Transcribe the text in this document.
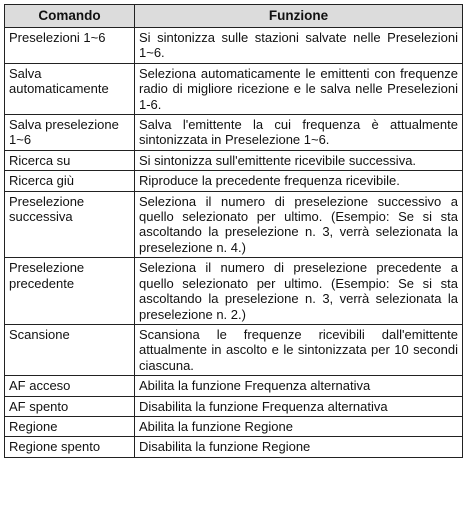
Comando	Funzione
Preselezioni 1~6	Si sintonizza sulle stazioni salvate nelle Preselezioni 1~6.
Salva automaticamente	Seleziona automaticamente le emittenti con frequenze radio di migliore ricezione e le salva nelle Preselezioni 1-6.
Salva preselezione 1~6	Salva l'emittente la cui frequenza è attualmente sintonizzata in Preselezione 1~6.
Ricerca su	Si sintonizza sull'emittente ricevibile successiva.
Ricerca giù	Riproduce la precedente frequenza ricevibile.
Preselezione successiva	Seleziona il numero di preselezione successivo a quello selezionato per ultimo. (Esempio: Se si sta ascoltando la preselezione n. 3, verrà selezionata la preselezione n. 4.)
Preselezione precedente	Seleziona il numero di preselezione precedente a quello selezionato per ultimo. (Esempio: Se si sta ascoltando la preselezione n. 3, verrà selezionata la preselezione n. 2.)
Scansione	Scansiona le frequenze ricevibili dall'emittente attualmente in ascolto e le sintonizzata per 10 secondi ciascuna.
AF acceso	Abilita la funzione Frequenza alternativa
AF spento	Disabilita la funzione Frequenza alternativa
Regione	Abilita la funzione Regione
Regione spento	Disabilita la funzione Regione
